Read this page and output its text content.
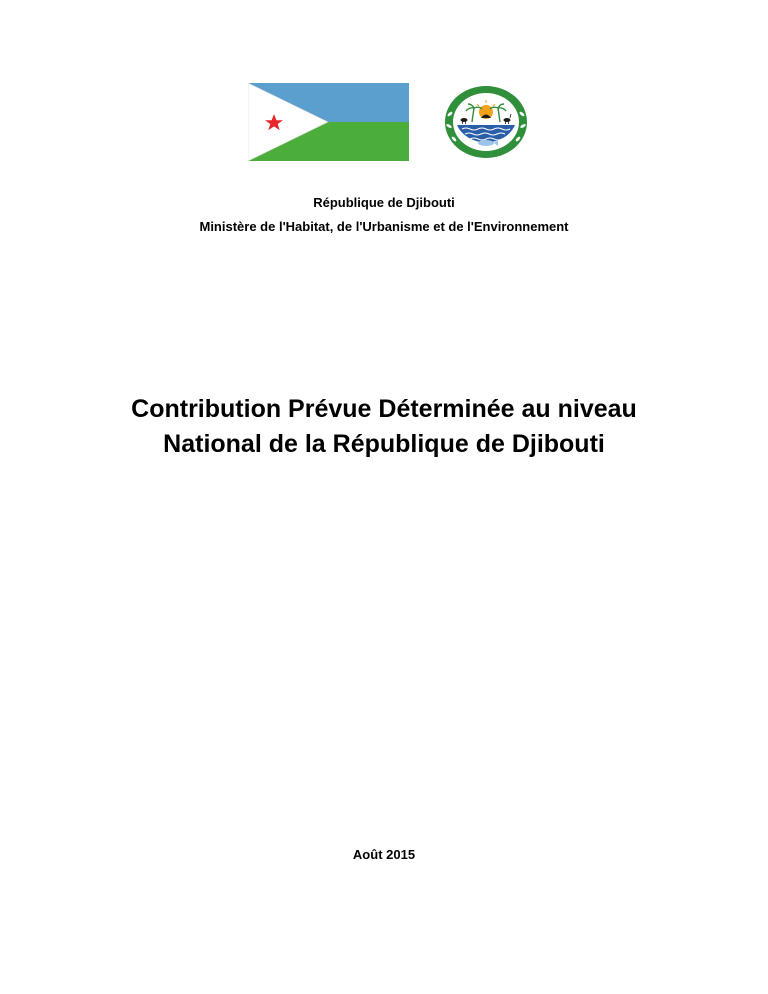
République de Djibouti
Ministère de l'Habitat, de l'Urbanisme et de l'Environnement
Contribution Prévue Déterminée au niveau
National de la République de Djibouti
Août 2015
